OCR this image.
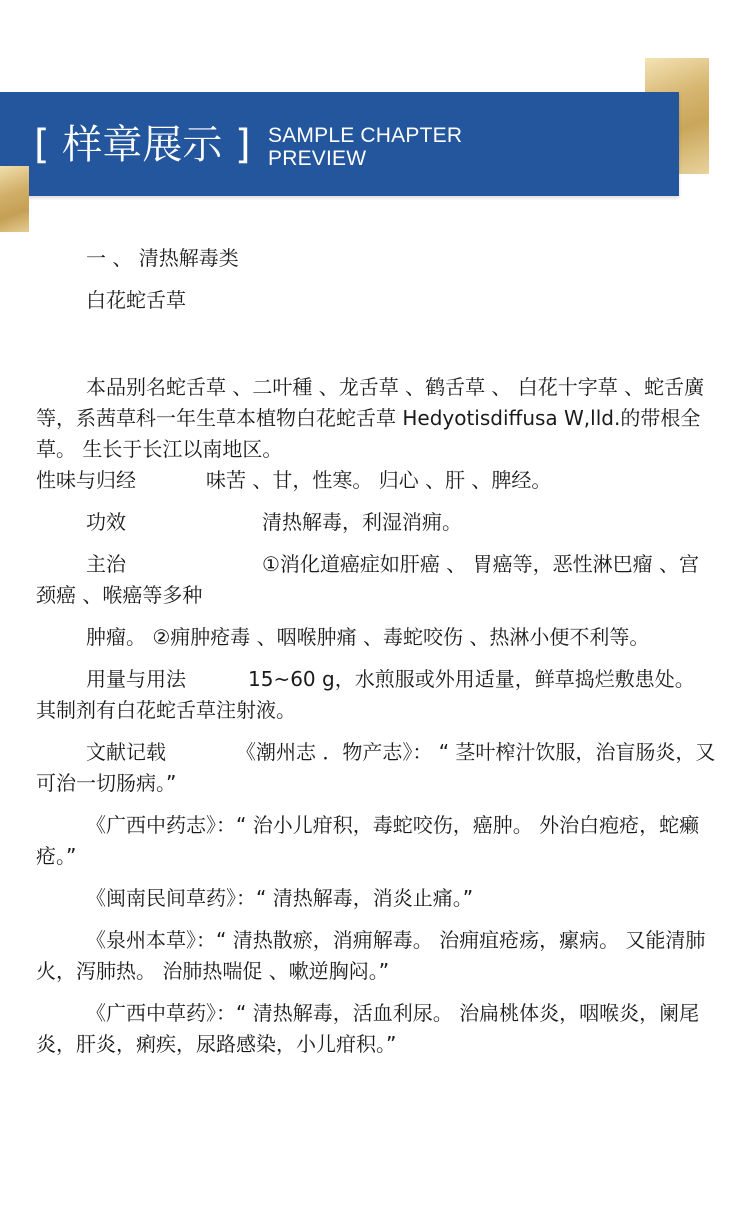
[ 样章展示 ] SAMPLE CHAPTER
PREVIEW

一 、 清热解毒类

白花蛇舌草

本品别名蛇舌草 、二叶種 、龙舌草 、鹤舌草 、 白花十字草 、蛇舌廣等，系茜草科一年生草本植物白花蛇舌草 Hedyotisdiffusa W,lld.的带根全草。 生长于长江以南地区。

性味与归经	味苦 、甘，性寒。 归心 、肝 、脾经。

功效	清热解毒，利湿消痈。

主治	①消化道癌症如肝癌 、 胃癌等，恶性淋巴瘤 、宫颈癌 、喉癌等多种

肿瘤。 ②痈肿疮毒 、咽喉肿痛 、毒蛇咬伤 、热淋小便不利等。

用量与用法	15~60 g，水煎服或外用适量，鲜草捣烂敷患处。 其制剂有白花蛇舌草注射液。

文献记载	《潮州志 ．物产志》： “ 茎叶榨汁饮服，治盲肠炎，又可治一切肠病。”

《广西中药志》：“ 治小儿疳积，毒蛇咬伤，癌肿。 外治白疱疮，蛇癞疮。”

《闽南民间草药》：“ 清热解毒，消炎止痛。”

《泉州本草》：“ 清热散瘀，消痈解毒。 治痈疽疮疡，瘰病。 又能清肺火，泻肺热。 治肺热喘促 、嗽逆胸闷。”

《广西中草药》：“ 清热解毒，活血利尿。 治扁桃体炎，咽喉炎，阑尾炎，肝炎，痢疾，尿路感染，小儿疳积。”
